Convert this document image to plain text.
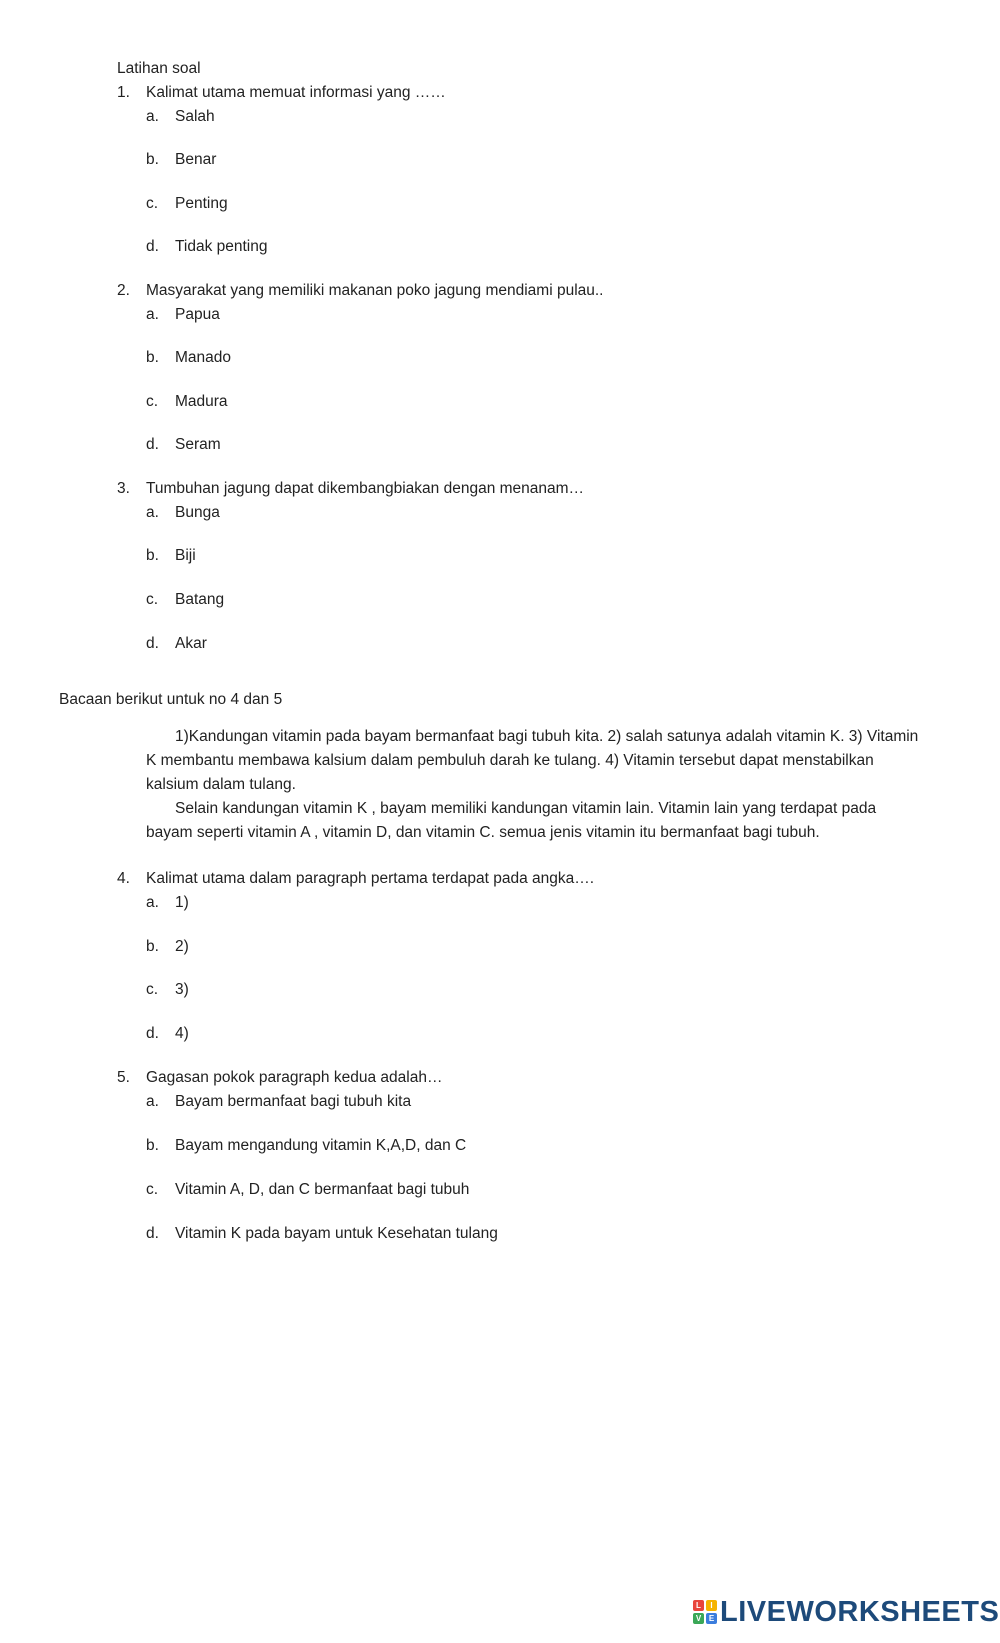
Latihan soal
1.	Kalimat utama memuat informasi yang ……
a.	Salah
b.	Benar
c.	Penting
d.	Tidak penting
2.	Masyarakat yang memiliki makanan poko jagung mendiami pulau..
a.	Papua
b.	Manado
c.	Madura
d.	Seram
3.	Tumbuhan jagung dapat dikembangbiakan dengan menanam…
a.	Bunga
b.	Biji
c.	Batang
d.	Akar
Bacaan berikut untuk no 4 dan 5

1)Kandungan vitamin pada bayam bermanfaat bagi tubuh kita. 2) salah satunya adalah vitamin K. 3) Vitamin K membantu membawa kalsium dalam pembuluh darah ke tulang. 4) Vitamin tersebut dapat menstabilkan kalsium dalam tulang.

Selain kandungan vitamin K , bayam memiliki kandungan vitamin lain. Vitamin lain yang terdapat pada bayam seperti vitamin A , vitamin D, dan vitamin C. semua jenis vitamin itu bermanfaat bagi tubuh.

4.	Kalimat utama dalam paragraph pertama terdapat pada angka….
a.	1)
b.	2)
c.	3)
d.	4)
5.	Gagasan pokok paragraph kedua adalah…
a.	Bayam bermanfaat bagi tubuh kita
b.	Bayam mengandung vitamin K,A,D, dan C
c.	Vitamin A, D, dan C bermanfaat bagi tubuh
d.	Vitamin K pada bayam untuk Kesehatan tulang
L	I
V E LIVEWORKSHEETS
